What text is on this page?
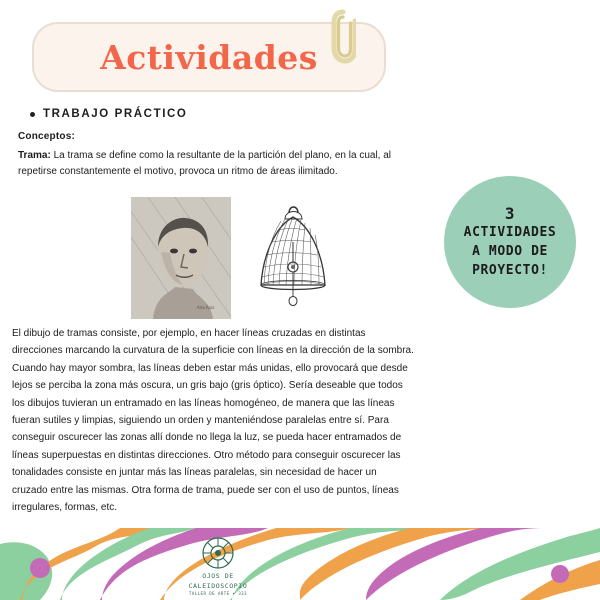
Actividades
TRABAJO PRÁCTICO
Conceptos:
Trama: La trama se define como la resultante de la partición del plano, en la cual, al repetirse constantemente el motivo, provoca un ritmo de áreas ilimitado.
Ana Ruiz
El dibujo de tramas consiste, por ejemplo, en hacer líneas cruzadas en distintas direcciones marcando la curvatura de la superficie con líneas en la dirección de la sombra. Cuando hay mayor sombra, las líneas deben estar más unidas, ello provocará que desde lejos se perciba la zona más oscura, un gris bajo (gris óptico). Sería deseable que todos los dibujos tuvieran un entramado en las líneas homogéneo, de manera que las líneas fueran sutiles y limpias, siguiendo un orden y manteniéndose paralelas entre sí. Para conseguir oscurecer las zonas allí donde no llega la luz, se pueda hacer entramados de líneas superpuestas en distintas direcciones. Otro método para conseguir oscurecer las tonalidades consiste en juntar más las líneas paralelas, sin necesidad de hacer un cruzado entre las mismas. Otra forma de trama, puede ser con el uso de puntos, líneas irregulares, formas, etc.
3
ACTIVIDADES
A MODO DE
PROYECTO!
OJOS DE
CALEIDOSCOPIO
TALLER DE ARTE • 333
